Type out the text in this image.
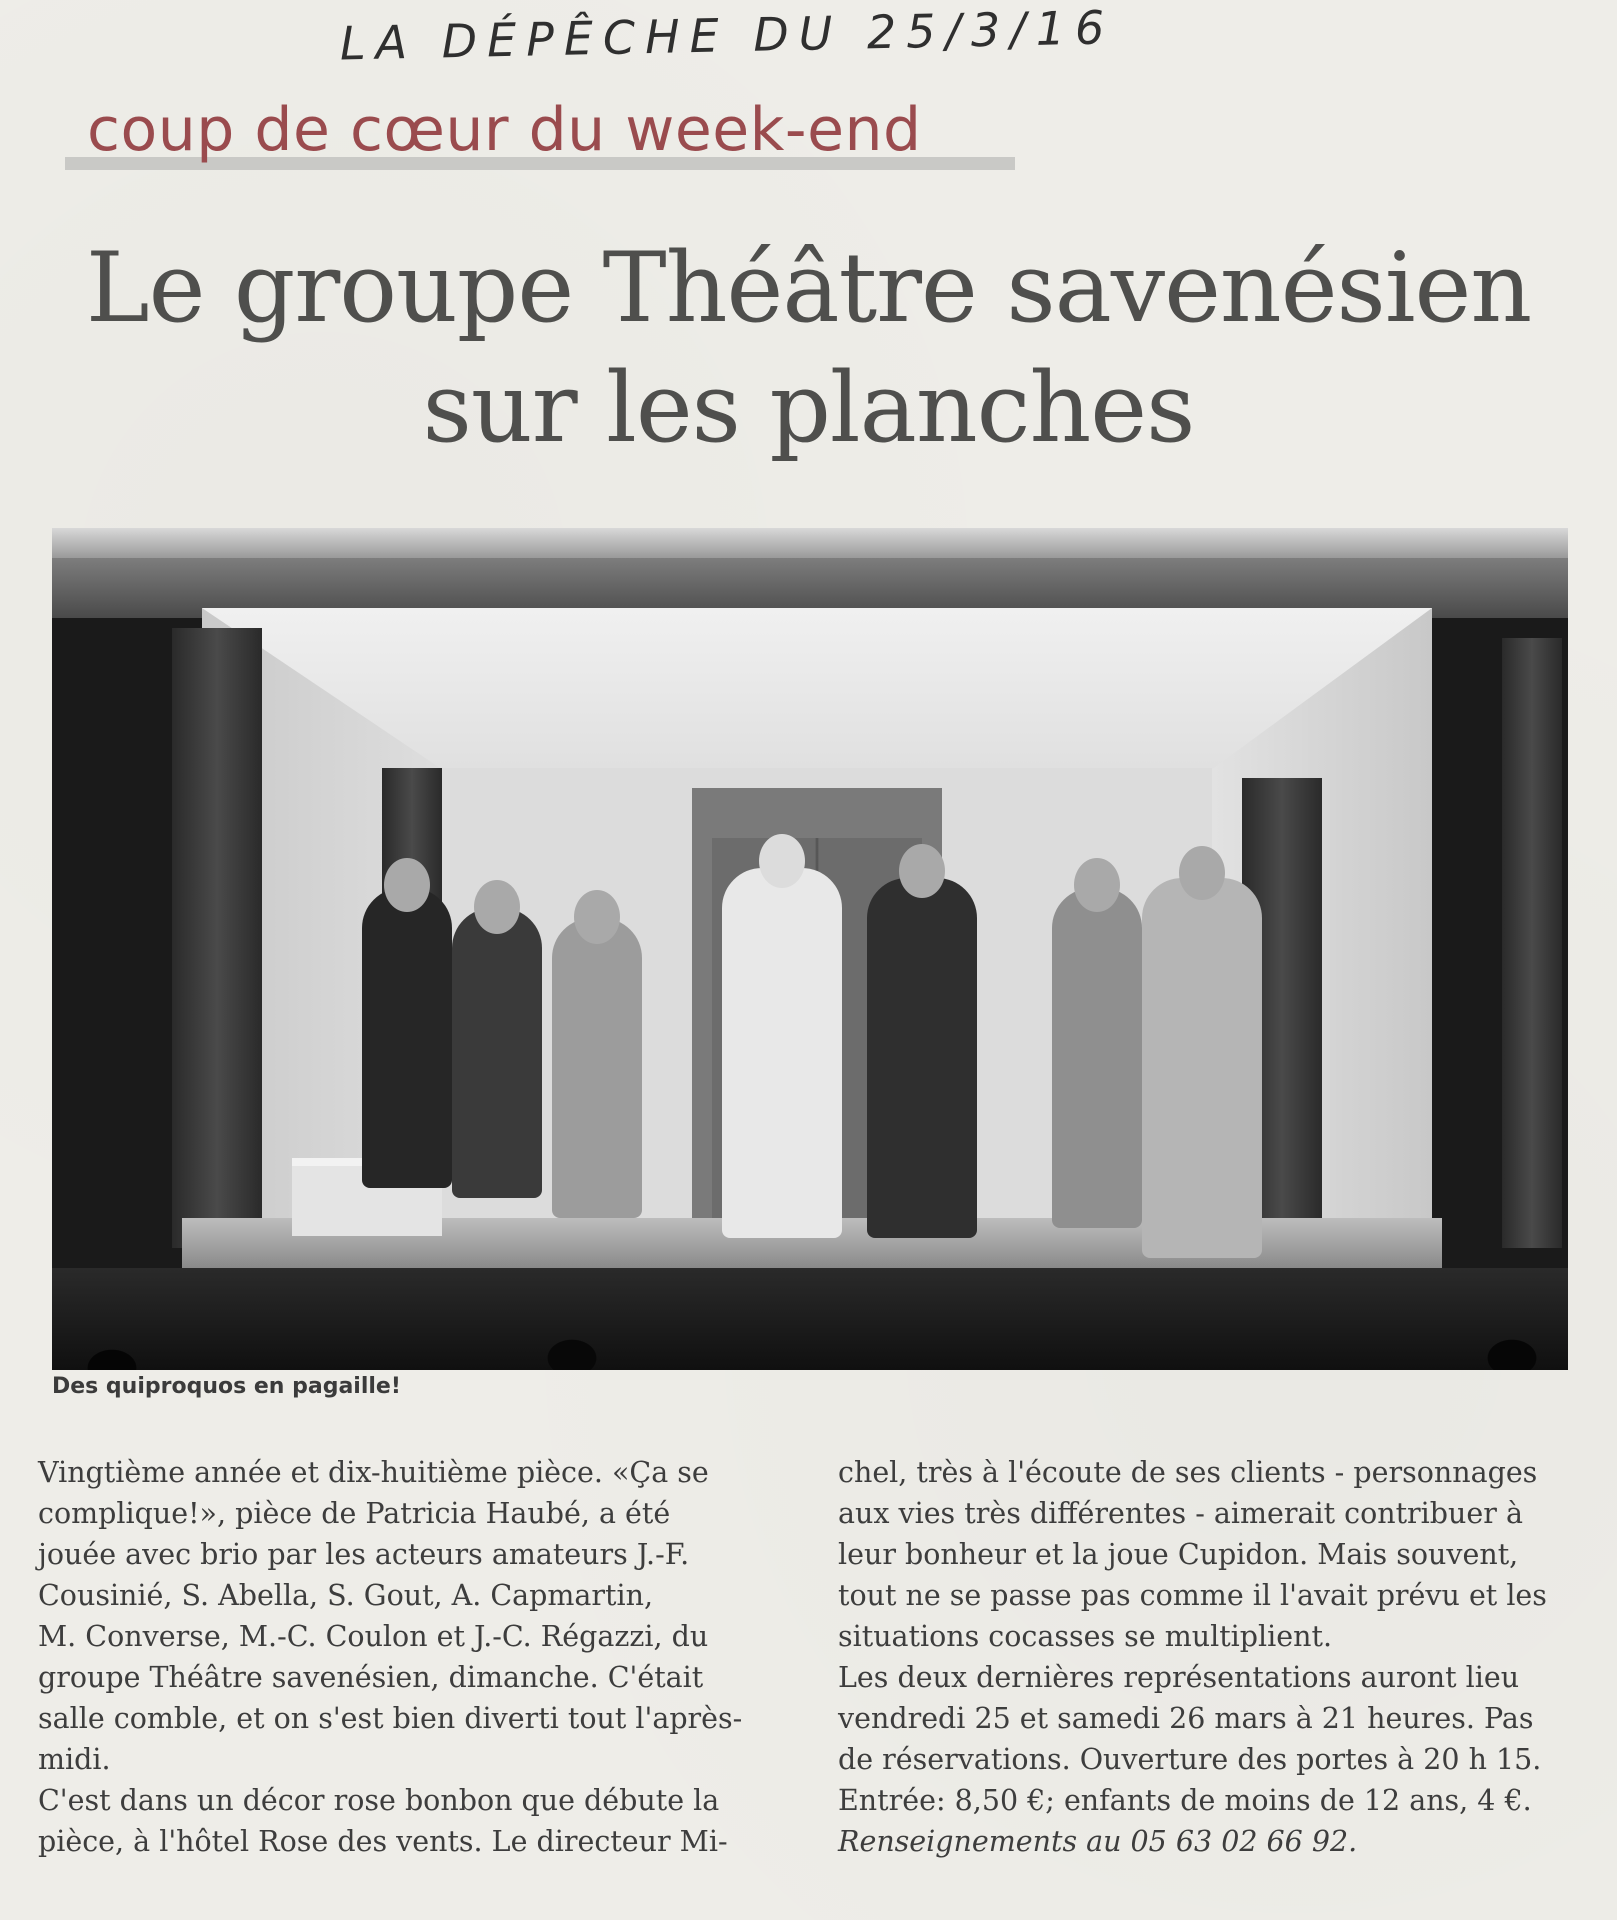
LA DÉPÊCHE DU 25/3/16
coup de cœur du week-end
Le groupe Théâtre savenésien
sur les planches
Des quiproquos en pagaille!
Vingtième année et dix-huitième pièce. «Ça se
complique!», pièce de Patricia Haubé, a été
jouée avec brio par les acteurs amateurs J.-F.
Cousinié, S. Abella, S. Gout, A. Capmartin,
M. Converse, M.-C. Coulon et J.-C. Régazzi, du
groupe Théâtre savenésien, dimanche. C'était
salle comble, et on s'est bien diverti tout l'après-
midi.
C'est dans un décor rose bonbon que débute la
pièce, à l'hôtel Rose des vents. Le directeur Mi-
chel, très à l'écoute de ses clients - personnages
aux vies très différentes - aimerait contribuer à
leur bonheur et la joue Cupidon. Mais souvent,
tout ne se passe pas comme il l'avait prévu et les
situations cocasses se multiplient.
Les deux dernières représentations auront lieu
vendredi 25 et samedi 26 mars à 21 heures. Pas
de réservations. Ouverture des portes à 20 h 15.
Entrée: 8,50 €; enfants de moins de 12 ans, 4 €.
Renseignements au 05 63 02 66 92.
